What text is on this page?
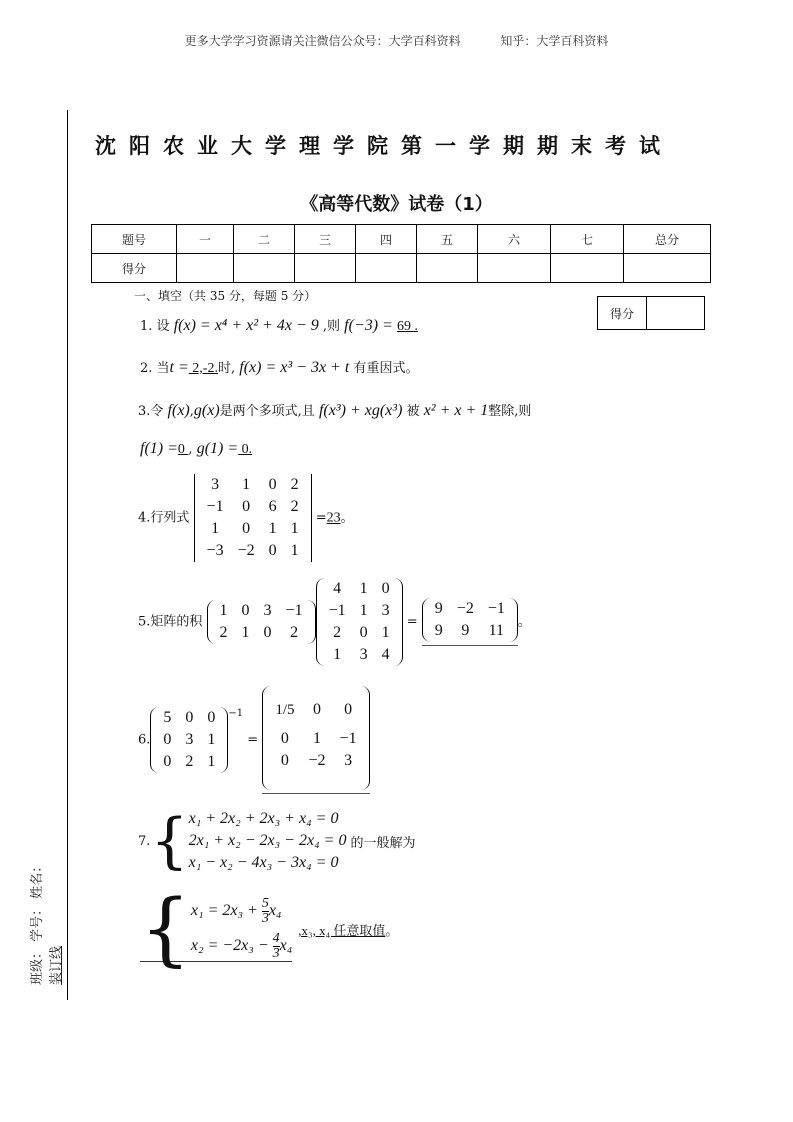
更多大学学习资源请关注微信公众号：大学百科资料	知乎：大学百科资料
沈阳农业大学理学院第一学期期末考试
《高等代数》试卷（1）
题号	一	二	三	四	五	六	七	总分
得分								
得分	
一、填空（共 35 分，每题 5 分）
1. 设 f(x) = x⁴ + x² + 4x − 9 ,则 f(−3) = 69 .
2. 当t = 2,-2.时, f(x) = x³ − 3x + t 有重因式。
3.令 f(x),g(x)是两个多项式,且 f(x³) + xg(x³) 被 x² + x + 1整除,则
f(1) =0 , g(1) = 0.
4.行列式
3	1	0	2
−1	0	6	2
1	0	1	1
−3	−2	0	1
=23。
5.矩阵的积
1	0	3	−1
2	1	0	2
4	1	0
−1	1	3
2	0	1
1	3	4
=
9	−2	−1
9	9	11 。
6.
5	0	0
0	3	1
0	2	1
$^{-1}$ =
1/5	0	0
0	1	−1
0	−2	3
7. { x₁ + 2x₂ + 2x₃ + x₄ = 0
2x₁ + x₂ − 2x₃ − 2x₄ = 0
x₁ − x₂ − 4x₃ − 3x₄ = 0
的一般解为
{ $x_1 = 2x_3 + \frac{5}{3} x_4$
$x_2 = -2x_3 - \frac{4}{3} x_4$
,x₃, x₄ 任意取值 。
班级： 学号： 姓名： 装订线
